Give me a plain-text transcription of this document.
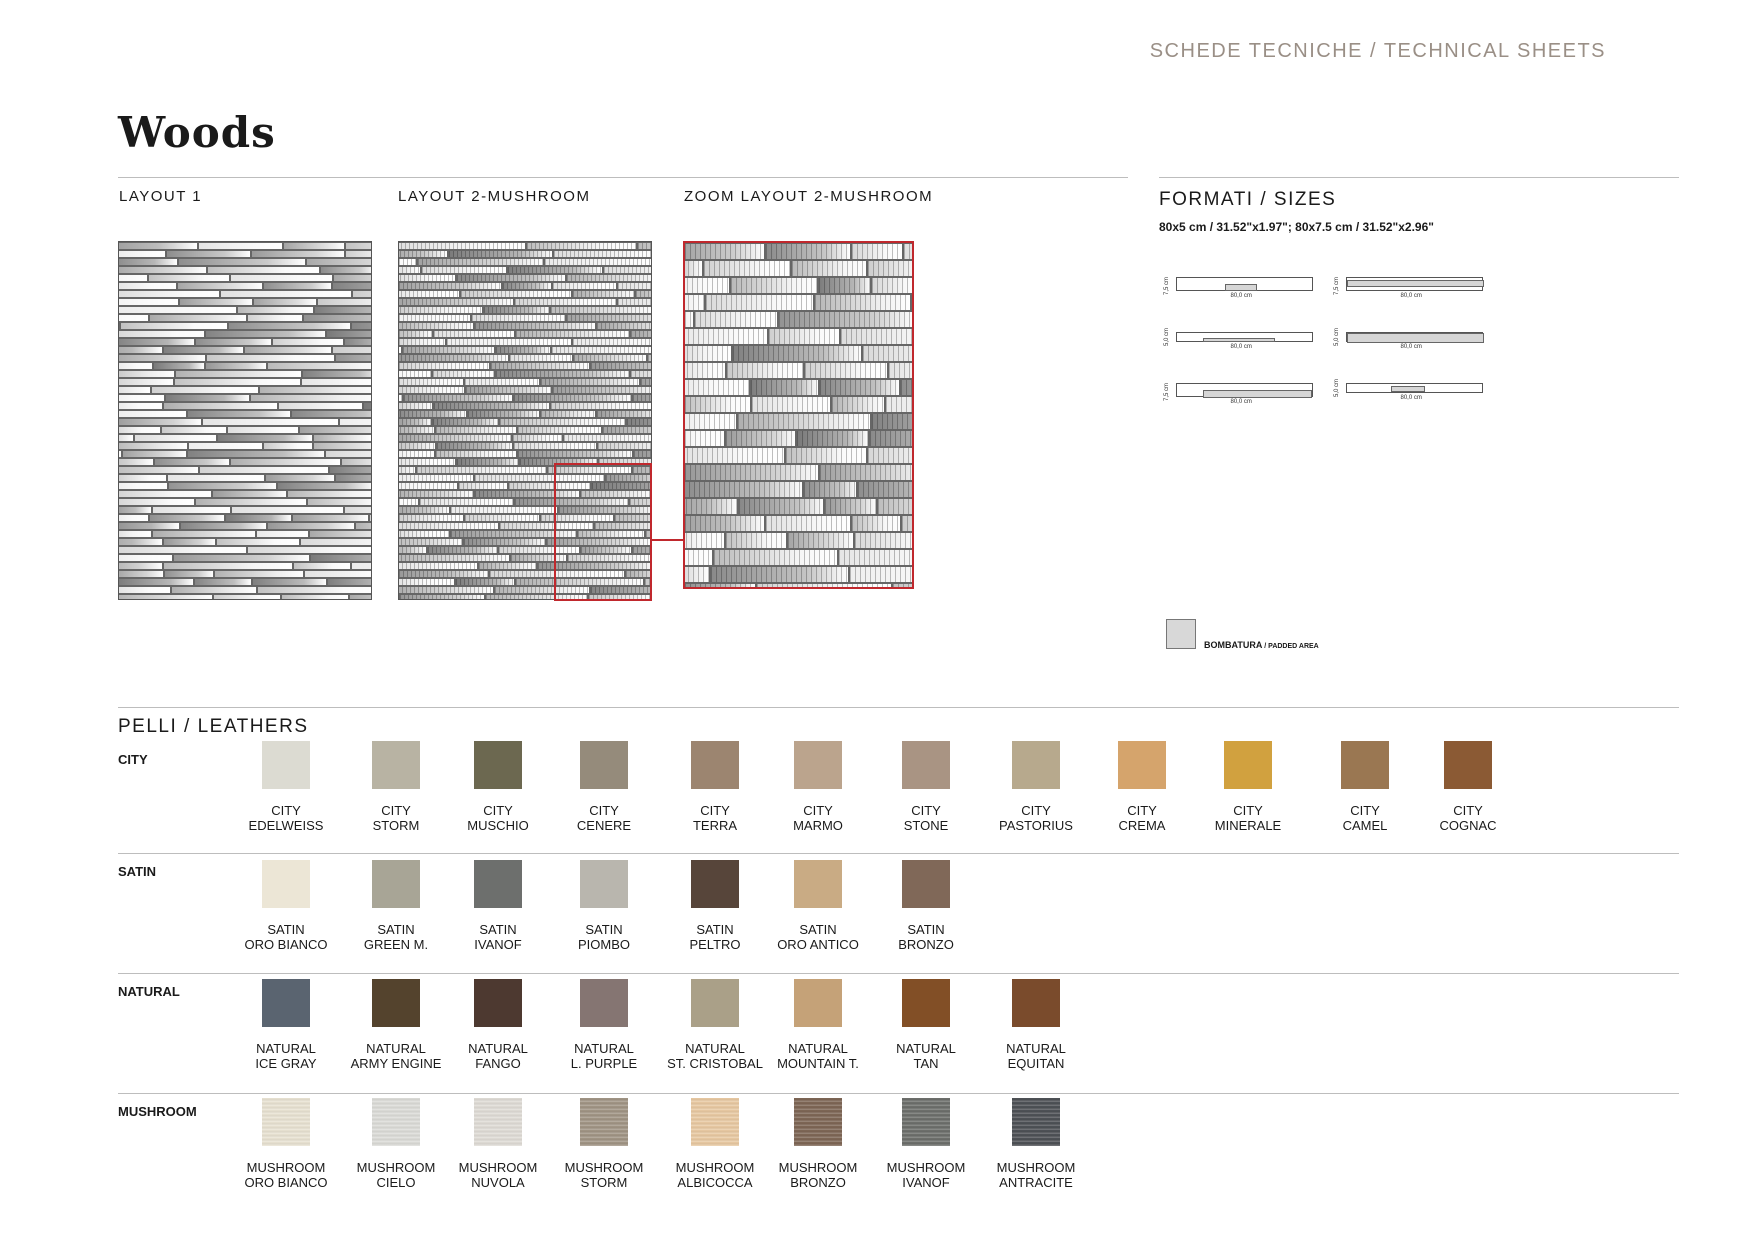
SCHEDE TECNICHE / TECHNICAL SHEETS
Woods
LAYOUT 1	LAYOUT 2-MUSHROOM	ZOOM LAYOUT 2-MUSHROOM	FORMATI / SIZES
80x5 cm / 31.52"x1.97"; 80x7.5 cm / 31.52"x2.96"
80,0 cm
7,5 cm
80,0 cm
7,5 cm
80,0 cm
5,0 cm
80,0 cm
5,0 cm
80,0 cm
7,5 cm	80,0 cm
5,0 cm
BOMBATURA / PADDED AREA
PELLI / LEATHERS
CITY
CITY
EDELWEISS
CITY
STORM
CITY
MUSCHIO
CITY
CENERE
CITY
TERRA
CITY
MARMO
CITY
STONE
CITY
PASTORIUS
CITY
CREMA
CITY
MINERALE
CITY
CAMEL
CITY
COGNAC
SATIN
SATIN
ORO BIANCO
SATIN
GREEN M.
SATIN
IVANOF
SATIN
PIOMBO
SATIN
PELTRO
SATIN
ORO ANTICO
SATIN
BRONZO
NATURAL
NATURAL
ICE GRAY
NATURAL
ARMY ENGINE
NATURAL
FANGO
NATURAL
L. PURPLE
NATURAL
ST. CRISTOBAL
NATURAL
MOUNTAIN T.
NATURAL
TAN
NATURAL
EQUITAN
MUSHROOM
MUSHROOM
ORO BIANCO
MUSHROOM
CIELO
MUSHROOM
NUVOLA
MUSHROOM
STORM
MUSHROOM
ALBICOCCA
MUSHROOM
BRONZO
MUSHROOM
IVANOF
MUSHROOM
ANTRACITE
